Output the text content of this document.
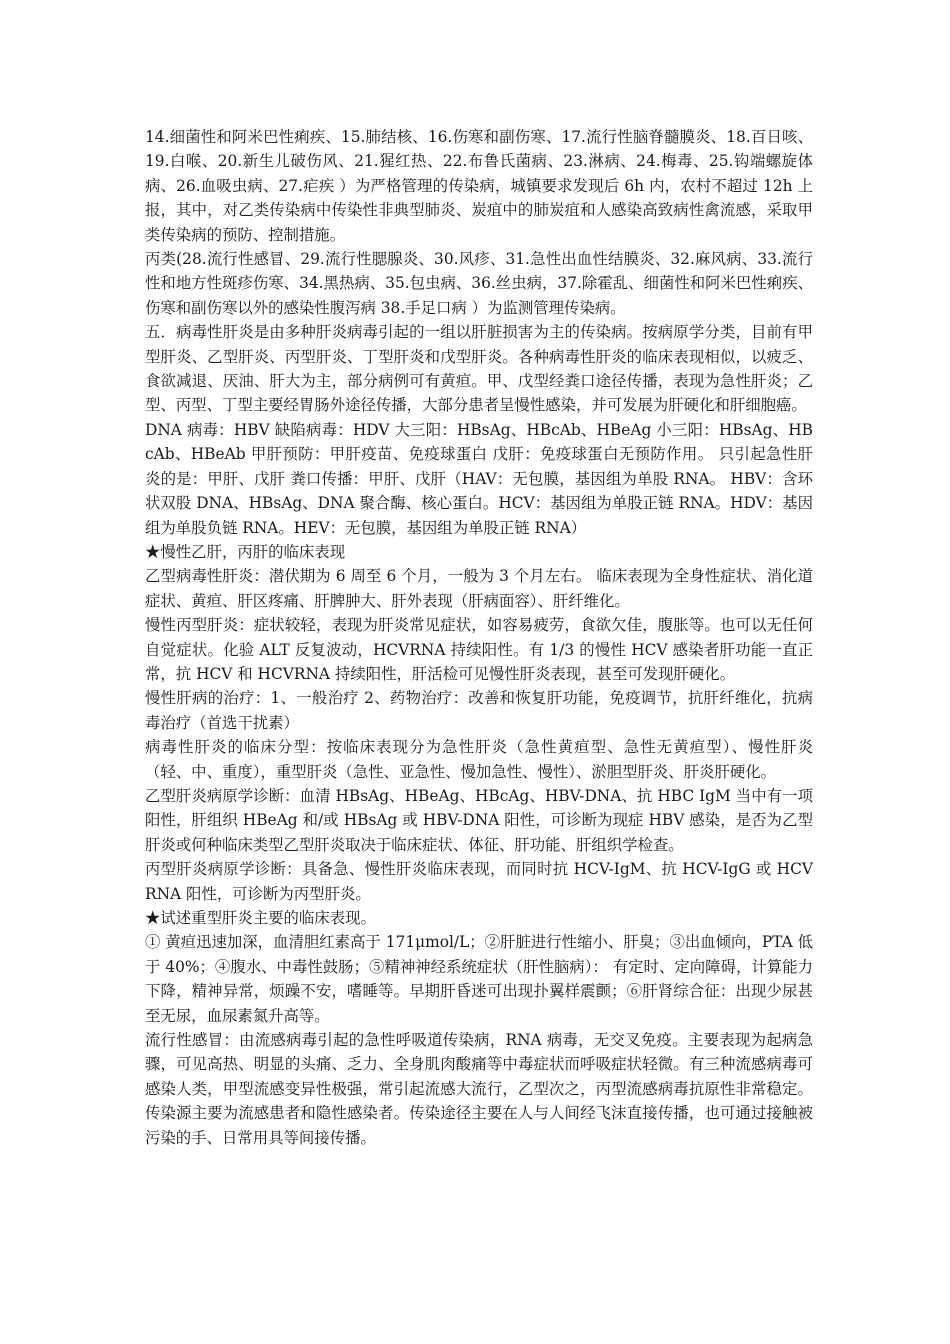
14.细菌性和阿米巴性痢疾、15.肺结核、16.伤寒和副伤寒、17.流行性脑脊髓膜炎、18.百日咳、19.白喉、20.新生儿破伤风、21.猩红热、22.布鲁氏菌病、23.淋病、24.梅毒、25.钩端螺旋体病、26.血吸虫病、27.疟疾 ）为严格管理的传染病，城镇要求发现后 6h 内，农村不超过 12h 上报，其中，对乙类传染病中传染性非典型肺炎、炭疽中的肺炭疽和人感染高致病性禽流感，采取甲类传染病的预防、控制措施。

丙类(28.流行性感冒、29.流行性腮腺炎、30.风疹、31.急性出血性结膜炎、32.麻风病、33.流行性和地方性斑疹伤寒、34.黑热病、35.包虫病、36.丝虫病，37.除霍乱、细菌性和阿米巴性痢疾、伤寒和副伤寒以外的感染性腹泻病 38.手足口病 ）为监测管理传染病。

五．病毒性肝炎是由多种肝炎病毒引起的一组以肝脏损害为主的传染病。按病原学分类，目前有甲型肝炎、乙型肝炎、丙型肝炎、丁型肝炎和戊型肝炎。各种病毒性肝炎的临床表现相似，以疲乏、食欲减退、厌油、肝大为主，部分病例可有黄疸。甲、戊型经粪口途径传播，表现为急性肝炎；乙型、丙型、丁型主要经胃肠外途径传播，大部分患者呈慢性感染，并可发展为肝硬化和肝细胞癌。

DNA 病毒：HBV 缺陷病毒：HDV 大三阳：HBsAg、HBcAb、HBeAg 小三阳：HBsAg、HBcAb、HBeAb 甲肝预防：甲肝疫苗、免疫球蛋白 戊肝：免疫球蛋白无预防作用。 只引起急性肝炎的是：甲肝、戊肝 粪口传播：甲肝、戊肝（HAV：无包膜，基因组为单股 RNA。 HBV：含环状双股 DNA、HBsAg、DNA 聚合酶、核心蛋白。HCV：基因组为单股正链 RNA。HDV：基因组为单股负链 RNA。HEV：无包膜，基因组为单股正链 RNA）

★慢性乙肝，丙肝的临床表现

乙型病毒性肝炎：潜伏期为 6 周至 6 个月，一般为 3 个月左右。 临床表现为全身性症状、消化道症状、黄疸、肝区疼痛、肝脾肿大、肝外表现（肝病面容）、肝纤维化。

慢性丙型肝炎：症状较轻，表现为肝炎常见症状，如容易疲劳，食欲欠佳，腹胀等。也可以无任何自觉症状。化验 ALT 反复波动，HCVRNA 持续阳性。有 1/3 的慢性 HCV 感染者肝功能一直正常，抗 HCV 和 HCVRNA 持续阳性，肝活检可见慢性肝炎表现，甚至可发现肝硬化。

慢性肝病的治疗：1、一般治疗 2、药物治疗：改善和恢复肝功能，免疫调节，抗肝纤维化，抗病毒治疗（首选干扰素）

病毒性肝炎的临床分型：按临床表现分为急性肝炎（急性黄疸型、急性无黄疸型）、慢性肝炎（轻、中、重度），重型肝炎（急性、亚急性、慢加急性、慢性）、淤胆型肝炎、肝炎肝硬化。

乙型肝炎病原学诊断：血清 HBsAg、HBeAg、HBcAg、HBV-DNA、抗 HBC IgM 当中有一项阳性，肝组织 HBeAg 和/或 HBsAg 或 HBV-DNA 阳性，可诊断为现症 HBV 感染，是否为乙型肝炎或何种临床类型乙型肝炎取决于临床症状、体征、肝功能、肝组织学检查。

丙型肝炎病原学诊断：具备急、慢性肝炎临床表现，而同时抗 HCV-IgM、抗 HCV-IgG 或 HCV RNA 阳性，可诊断为丙型肝炎。

★试述重型肝炎主要的临床表现。

① 黄疸迅速加深，血清胆红素高于 171μmol/L；②肝脏进行性缩小、肝臭；③出血倾向，PTA 低于 40%；④腹水、中毒性鼓肠；⑤精神神经系统症状（肝性脑病）： 有定时、定向障碍，计算能力下降，精神异常，烦躁不安，嗜睡等。早期肝昏迷可出现扑翼样震颤；⑥肝肾综合征：出现少尿甚至无尿，血尿素氮升高等。

流行性感冒：由流感病毒引起的急性呼吸道传染病，RNA 病毒，无交叉免疫。主要表现为起病急骤，可见高热、明显的头痛、乏力、全身肌肉酸痛等中毒症状而呼吸症状轻微。有三种流感病毒可感染人类，甲型流感变异性极强，常引起流感大流行，乙型次之，丙型流感病毒抗原性非常稳定。传染源主要为流感患者和隐性感染者。传染途径主要在人与人间经飞沫直接传播，也可通过接触被污染的手、日常用具等间接传播。
